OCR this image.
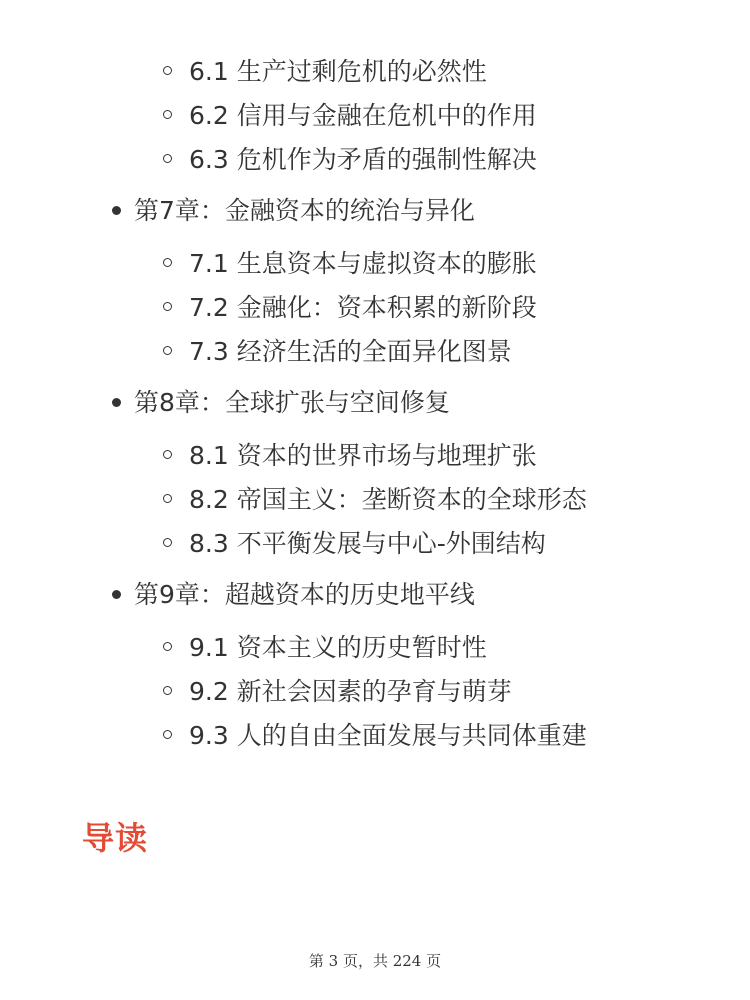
6.1 生产过剩危机的必然性
6.2 信用与金融在危机中的作用
6.3 危机作为矛盾的强制性解决
第7章：金融资本的统治与异化
7.1 生息资本与虚拟资本的膨胀
7.2 金融化：资本积累的新阶段
7.3 经济生活的全面异化图景
第8章：全球扩张与空间修复
8.1 资本的世界市场与地理扩张
8.2 帝国主义：垄断资本的全球形态
8.3 不平衡发展与中心-外围结构
第9章：超越资本的历史地平线
9.1 资本主义的历史暂时性
9.2 新社会因素的孕育与萌芽
9.3 人的自由全面发展与共同体重建
导读
第 3 页，共 224 页
